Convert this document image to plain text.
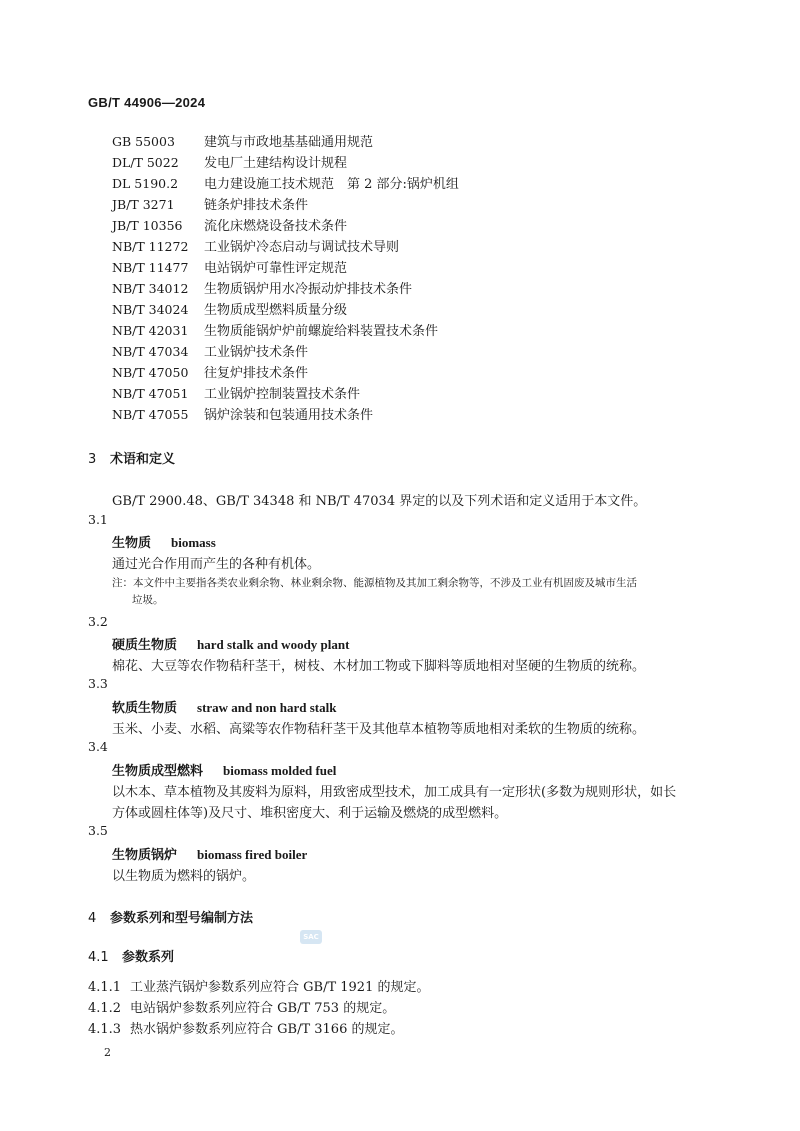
GB/T 44906—2024
GB 55003 建筑与市政地基基础通用规范
DL/T 5022 发电厂土建结构设计规程
DL 5190.2 电力建设施工技术规范　第 2 部分:锅炉机组
JB/T 3271 链条炉排技术条件
JB/T 10356 流化床燃烧设备技术条件
NB/T 11272 工业锅炉冷态启动与调试技术导则
NB/T 11477 电站锅炉可靠性评定规范
NB/T 34012 生物质锅炉用水冷振动炉排技术条件
NB/T 34024 生物质成型燃料质量分级
NB/T 42031 生物质能锅炉炉前螺旋给料装置技术条件
NB/T 47034 工业锅炉技术条件
NB/T 47050 往复炉排技术条件
NB/T 47051 工业锅炉控制装置技术条件
NB/T 47055 锅炉涂装和包装通用技术条件
3 术语和定义
GB/T 2900.48、GB/T 34348 和 NB/T 47034 界定的以及下列术语和定义适用于本文件。
3.1
生物质 biomass
通过光合作用而产生的各种有机体。
注：本文件中主要指各类农业剩余物、林业剩余物、能源植物及其加工剩余物等，不涉及工业有机固废及城市生活
垃圾。
3.2
硬质生物质 hard stalk and woody plant
棉花、大豆等农作物秸秆茎干，树枝、木材加工物或下脚料等质地相对坚硬的生物质的统称。
3.3
软质生物质 straw and non hard stalk
玉米、小麦、水稻、高粱等农作物秸秆茎干及其他草本植物等质地相对柔软的生物质的统称。
3.4
生物质成型燃料 biomass molded fuel
以木本、草本植物及其废料为原料，用致密成型技术，加工成具有一定形状(多数为规则形状，如长
方体或圆柱体等)及尺寸、堆积密度大、利于运输及燃烧的成型燃料。
3.5
生物质锅炉 biomass fired boiler
以生物质为燃料的锅炉。
4 参数系列和型号编制方法
4.1 参数系列
SAC
4.1.1 工业蒸汽锅炉参数系列应符合 GB/T 1921 的规定。
4.1.2 电站锅炉参数系列应符合 GB/T 753 的规定。
4.1.3 热水锅炉参数系列应符合 GB/T 3166 的规定。
2
